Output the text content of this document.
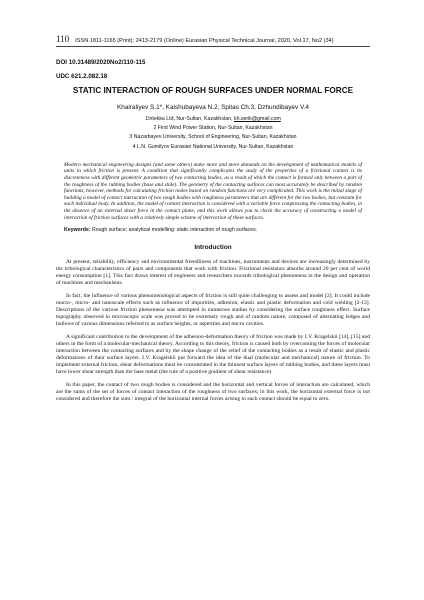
110 ISSN 1811-1165 (Print); 2413-2179 (Online) Eurasian Physical Technical Journal, 2020, Vol.17, No2 (34)
DOI 10.31489/2020No2/110-115
UDC 621.2.082.18
STATIC INTERACTION OF ROUGH SURFACES UNDER NORMAL FORCE
Khairaliyev S.1*, Kaishubayeva N.2, Spitas Ch.3, Dzhundibayev V.4
1Intekka Ltd, Nur-Sultan, Kazakhstan, kh.serik@gmail.com
2 First Wind Power Station, Nur-Sultan, Kazakhstan
3 Nazarbayev University, School of Engineering, Nur-Sultan, Kazakhstan
4 L.N. Gumilyov Eurasian National University, Nur-Sultan, Kazakhstan
Modern mechanical engineering designs (and some others) make more and more demands on the development of mathematical models of units in which friction is present. A condition that significantly complicates the study of the properties of a frictional contact is its discreteness with different geometric parameters of two contacting bodies, as a result of which the contact is formed only between a part of the roughness of the rubbing bodies (base and slide). The geometry of the contacting surfaces can most accurately be described by random functions, however, methods for calculating friction nodes based on random functions are very complicated. This work is the initial stage of building a model of contact interaction of two rough bodies with roughness parameters that are different for the two bodies, but constant for each individual body. In addition, the model of contact interaction is considered with a variable force compressing the contacting bodies, in the absence of an external shear force in the contact plane, and this work allows you to check the accuracy of constructing a model of interaction of friction surfaces with a relatively simple scheme of interaction of these surfaces.
Keywords: Rough surface; analytical modelling: static interaction of rough surfaces.
Introduction
At present, reliability, efficiency and environmental friendliness of machines, instruments and devices are increasingly determined by the tribological characteristics of pairs and components that work with friction. Frictional resistance absorbs around 20 per cent of world energy consumption [1]. This fact draws interest of engineers and researchers towards tribological phenomena in the design and operation of machines and mechanisms.
In fact, the influence of various phenomenological aspects of friction is still quite challenging to assess and model [2]. It could include macro-, micro- and nanoscale effects such as influence of impurities, adhesion, elastic and plastic deformation and cold welding [2-13]. Descriptions of the various friction phenomena was attempted in numerous studies by considering the surface roughness effect. Surface topography observed in microscopic scale was proved to be extremely rough and of random nature, composed of alternating ledges and hollows of various dimensions referred to as surface heights, or asperities and micro cavities.
A significant contribution to the development of the adhesion-deformation theory of friction was made by I.V. Kragelskii [14], [15] and others in the form of a molecular-mechanical theory. According to this theory, friction is caused both by overcoming the forces of molecular interaction between the contacting surfaces and by the shape change of the relief of the contacting bodies as a result of elastic and plastic deformations of their surface layers. I.V. Kragelskii put forward the idea of the dual (molecular and mechanical) nature of friction. To implement external friction, shear deformations must be concentrated in the thinnest surface layers of rubbing bodies, and these layers must have lower shear strength than the base metal (the rule of a positive gradient of shear resistance).
In this paper, the contact of two rough bodies is considered and the horizontal and vertical forces of interaction are calculated, which are the sums of the set of forces of contact interaction of the roughness of two surfaces; in this work, the horizontal external force is not considered and therefore the sum / integral of the horizontal internal forces arising in each contact should be equal to zero.
